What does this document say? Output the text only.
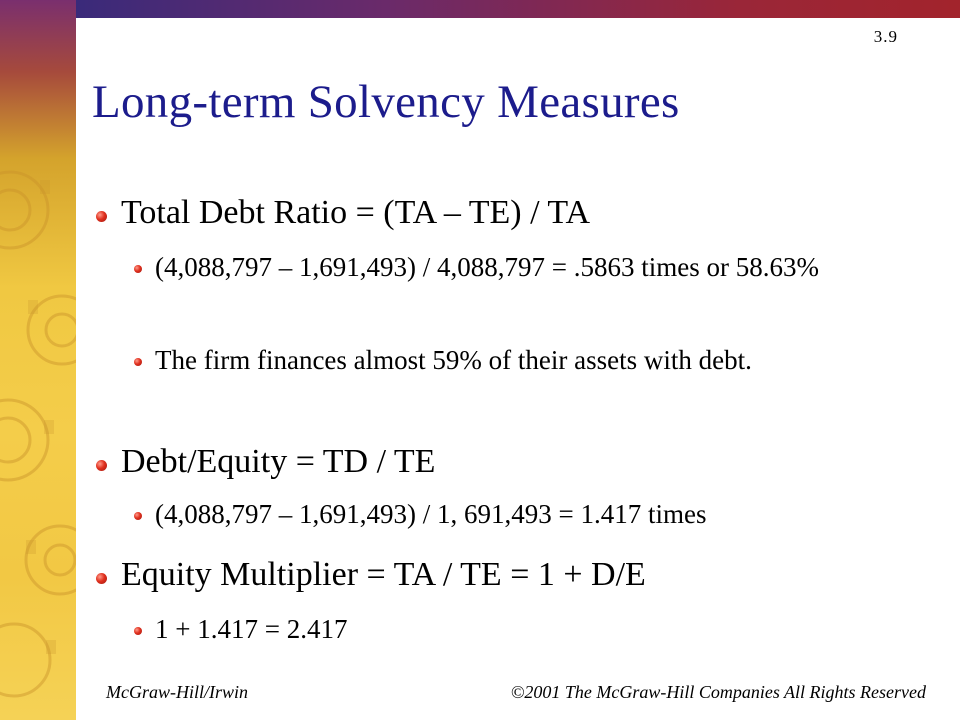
3.9
Long-term Solvency Measures
Total Debt Ratio = (TA – TE) / TA
(4,088,797 – 1,691,493) / 4,088,797 = .5863 times or 58.63%
The firm finances almost 59% of their assets with debt.
Debt/Equity = TD / TE
(4,088,797 – 1,691,493) / 1, 691,493 = 1.417 times
Equity Multiplier = TA / TE = 1 + D/E
1 + 1.417 = 2.417
McGraw-Hill/Irwin	©2001 The McGraw-Hill Companies All Rights Reserved
